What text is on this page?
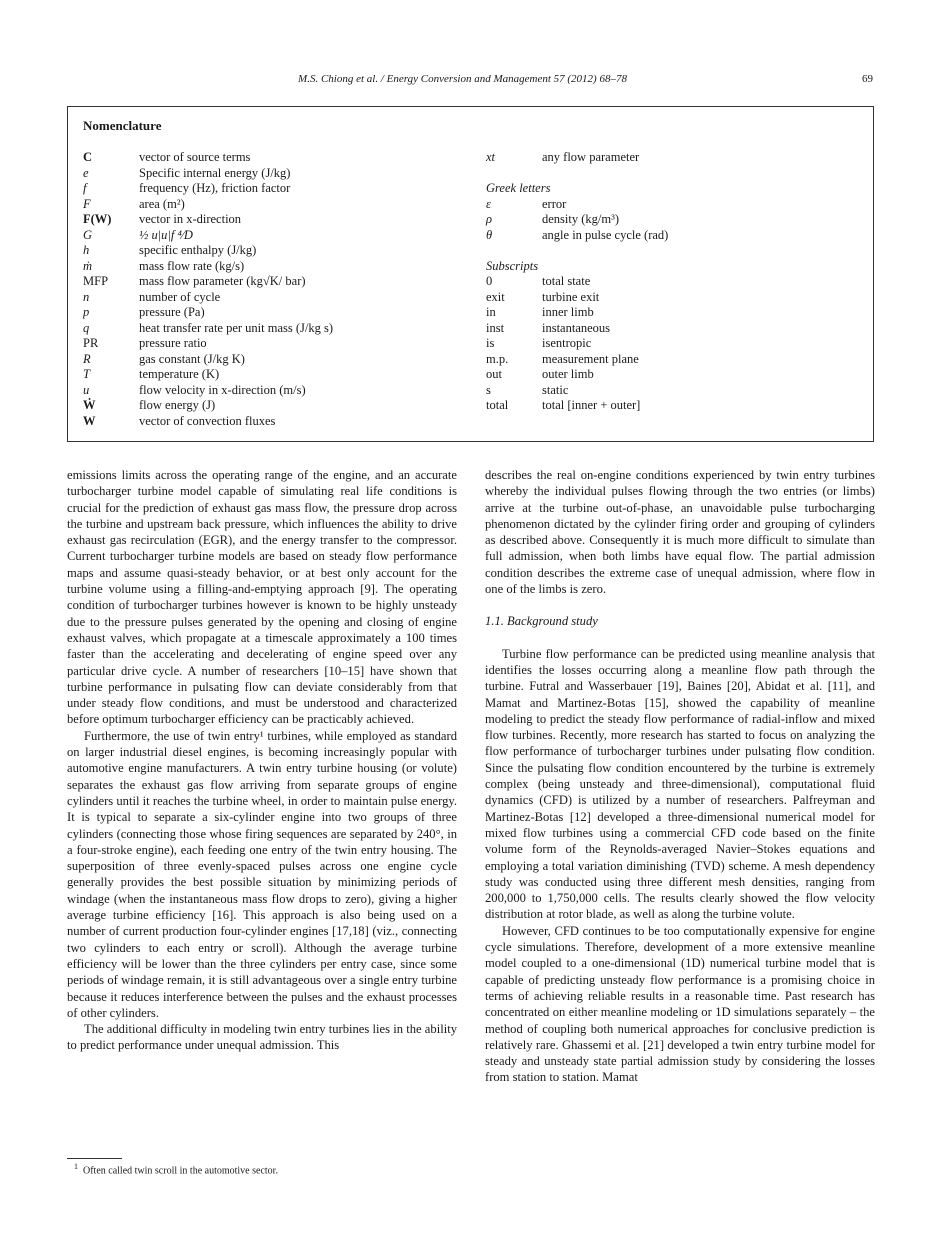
M.S. Chiong et al. / Energy Conversion and Management 57 (2012) 68–78	69
Nomenclature
C	vector of source terms
e	Specific internal energy (J/kg)
f	frequency (Hz), friction factor
F	area (m²)
F(W) vector in x-direction
G	½ u|u|f ⁴⁄D
h	specific enthalpy (J/kg)
ṁ	mass flow rate (kg/s)
MFP mass flow parameter (kg√K/ bar)
n	number of cycle
p	pressure (Pa)
q	heat transfer rate per unit mass (J/kg s)
PR	pressure ratio
R	gas constant (J/kg K)
T	temperature (K)
u	flow velocity in x-direction (m/s)
Ẇ	flow energy (J)
W	vector of convection fluxes
xt	any flow parameter
Greek letters
ε	error
ρ	density (kg/m³)
θ	angle in pulse cycle (rad)
Subscripts
0	total state
exit	turbine exit
in	inner limb
inst	instantaneous
is	isentropic
m.p.	measurement plane
out	outer limb
s	static
total	total [inner + outer]

emissions limits across the operating range of the engine, and an accurate turbocharger turbine model capable of simulating real life conditions is crucial for the prediction of exhaust gas mass flow, the pressure drop across the turbine and upstream back pressure, which influences the ability to drive exhaust gas recirculation (EGR), and the energy transfer to the compressor. Current turbocharger turbine models are based on steady flow performance maps and assume quasi-steady behavior, or at best only account for the turbine volume using a filling-and-emptying approach [9]. The operating condition of turbocharger turbines however is known to be highly unsteady due to the pressure pulses generated by the opening and closing of engine exhaust valves, which propagate at a timescale approximately a 100 times faster than the accelerating and decelerating of engine speed over any particular drive cycle. A number of researchers [10–15] have shown that turbine performance in pulsating flow can deviate considerably from that under steady flow conditions, and must be understood and characterized before optimum turbocharger efficiency can be practicably achieved.

Furthermore, the use of twin entry¹ turbines, while employed as standard on larger industrial diesel engines, is becoming increasingly popular with automotive engine manufacturers. A twin entry turbine housing (or volute) separates the exhaust gas flow arriving from separate groups of engine cylinders until it reaches the turbine wheel, in order to maintain pulse energy. It is typical to separate a six-cylinder engine into two groups of three cylinders (connecting those whose firing sequences are separated by 240°, in a four-stroke engine), each feeding one entry of the twin entry housing. The superposition of three evenly-spaced pulses across one engine cycle generally provides the best possible situation by minimizing periods of windage (when the instantaneous mass flow drops to zero), giving a higher average turbine efficiency [16]. This approach is also being used on a number of current production four-cylinder engines [17,18] (viz., connecting two cylinders to each entry or scroll). Although the average turbine efficiency will be lower than the three cylinders per entry case, since some periods of windage remain, it is still advantageous over a single entry turbine because it reduces interference between the pulses and the exhaust processes of other cylinders.

The additional difficulty in modeling twin entry turbines lies in the ability to predict performance under unequal admission. This

describes the real on-engine conditions experienced by twin entry turbines whereby the individual pulses flowing through the two entries (or limbs) arrive at the turbine out-of-phase, an unavoidable pulse turbocharging phenomenon dictated by the cylinder firing order and grouping of cylinders as described above. Consequently it is much more difficult to simulate than full admission, when both limbs have equal flow. The partial admission condition describes the extreme case of unequal admission, where flow in one of the limbs is zero.

1.1. Background study

Turbine flow performance can be predicted using meanline analysis that identifies the losses occurring along a meanline flow path through the turbine. Futral and Wasserbauer [19], Baines [20], Abidat et al. [11], and Mamat and Martinez-Botas [15], showed the capability of meanline modeling to predict the steady flow performance of radial-inflow and mixed flow turbines. Recently, more research has started to focus on analyzing the flow performance of turbocharger turbines under pulsating flow condition. Since the pulsating flow condition encountered by the turbine is extremely complex (being unsteady and three-dimensional), computational fluid dynamics (CFD) is utilized by a number of researchers. Palfreyman and Martinez-Botas [12] developed a three-dimensional numerical model for mixed flow turbines using a commercial CFD code based on the finite volume form of the Reynolds-averaged Navier–Stokes equations and employing a total variation diminishing (TVD) scheme. A mesh dependency study was conducted using three different mesh densities, ranging from 200,000 to 1,750,000 cells. The results clearly showed the flow velocity distribution at rotor blade, as well as along the turbine volute.

However, CFD continues to be too computationally expensive for engine cycle simulations. Therefore, development of a more extensive meanline model coupled to a one-dimensional (1D) numerical turbine model that is capable of predicting unsteady flow performance is a promising choice in terms of achieving reliable results in a reasonable time. Past research has concentrated on either meanline modeling or 1D simulations separately – the method of coupling both numerical approaches for conclusive prediction is relatively rare. Ghassemi et al. [21] developed a twin entry turbine model for steady and unsteady state partial admission study by considering the losses from station to station. Mamat

$^1$ Often called twin scroll in the automotive sector.
